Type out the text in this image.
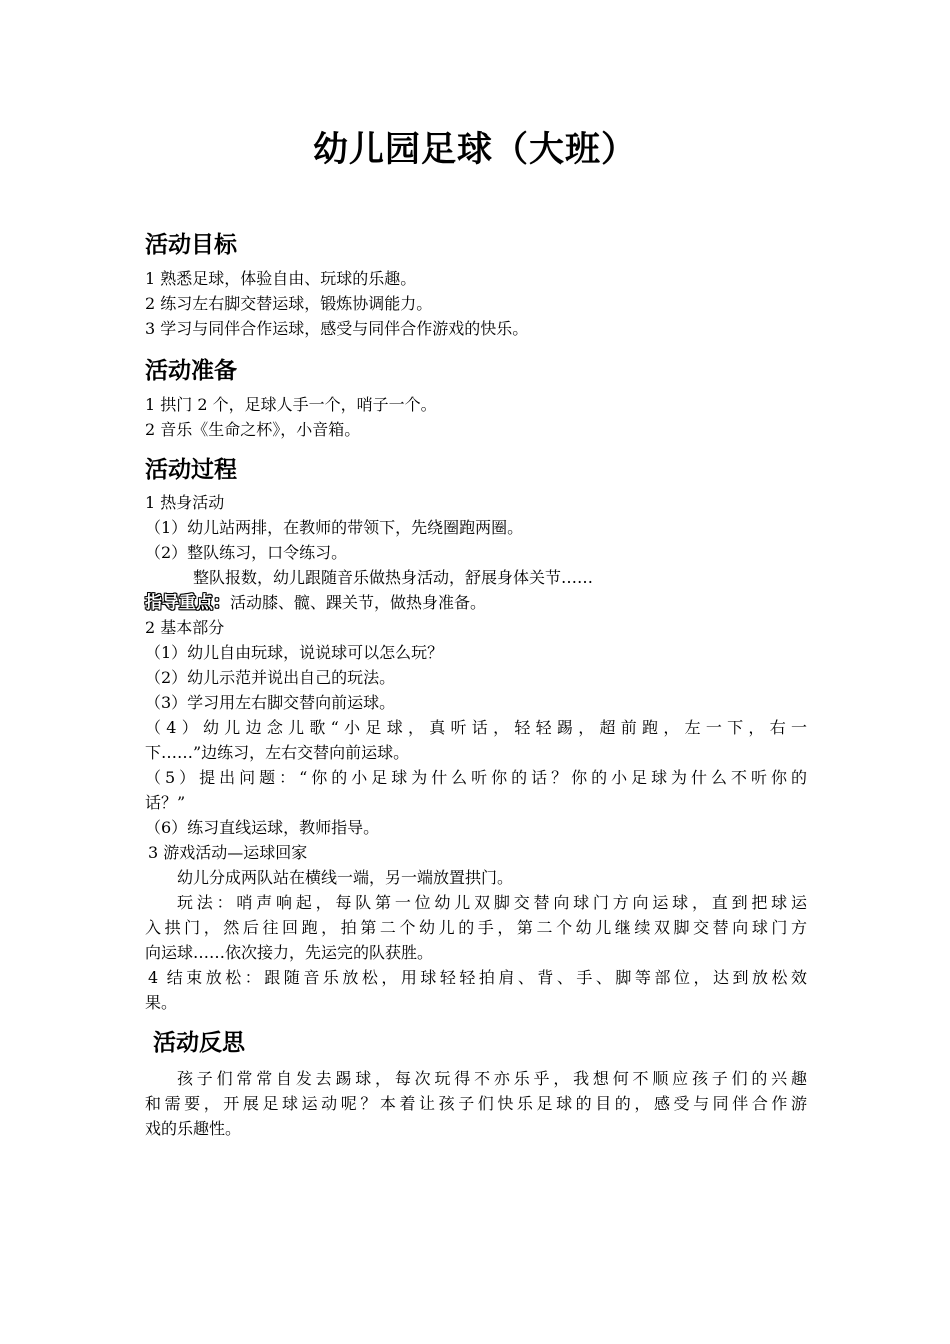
幼儿园足球（大班）
活动目标
1 熟悉足球，体验自由、玩球的乐趣。
2 练习左右脚交替运球，锻炼协调能力。
3 学习与同伴合作运球，感受与同伴合作游戏的快乐。
活动准备
1 拱门 2 个，足球人手一个，哨子一个。
2 音乐《生命之杯》，小音箱。
活动过程
1 热身活动
（1）幼儿站两排，在教师的带领下，先绕圈跑两圈。
（2）整队练习，口令练习。
整队报数，幼儿跟随音乐做热身活动，舒展身体关节……
指导重点：活动膝、髋、踝关节，做热身准备。
2 基本部分
（1）幼儿自由玩球，说说球可以怎么玩？
（2）幼儿示范并说出自己的玩法。
（3）学习用左右脚交替向前运球。
（4）幼儿边念儿歌“小足球，真听话，轻轻踢，超前跑，左一下，右一
下……”边练习，左右交替向前运球。
（5）提出问题：“你的小足球为什么听你的话？你的小足球为什么不听你的
话？”
（6）练习直线运球，教师指导。
3 游戏活动—运球回家
幼儿分成两队站在横线一端，另一端放置拱门。
玩法：哨声响起，每队第一位幼儿双脚交替向球门方向运球，直到把球运
入拱门，然后往回跑，拍第二个幼儿的手，第二个幼儿继续双脚交替向球门方
向运球……依次接力，先运完的队获胜。
4 结束放松：跟随音乐放松，用球轻轻拍肩、背、手、脚等部位，达到放松效
果。
活动反思
孩子们常常自发去踢球，每次玩得不亦乐乎，我想何不顺应孩子们的兴趣
和需要，开展足球运动呢？本着让孩子们快乐足球的目的，感受与同伴合作游
戏的乐趣性。
